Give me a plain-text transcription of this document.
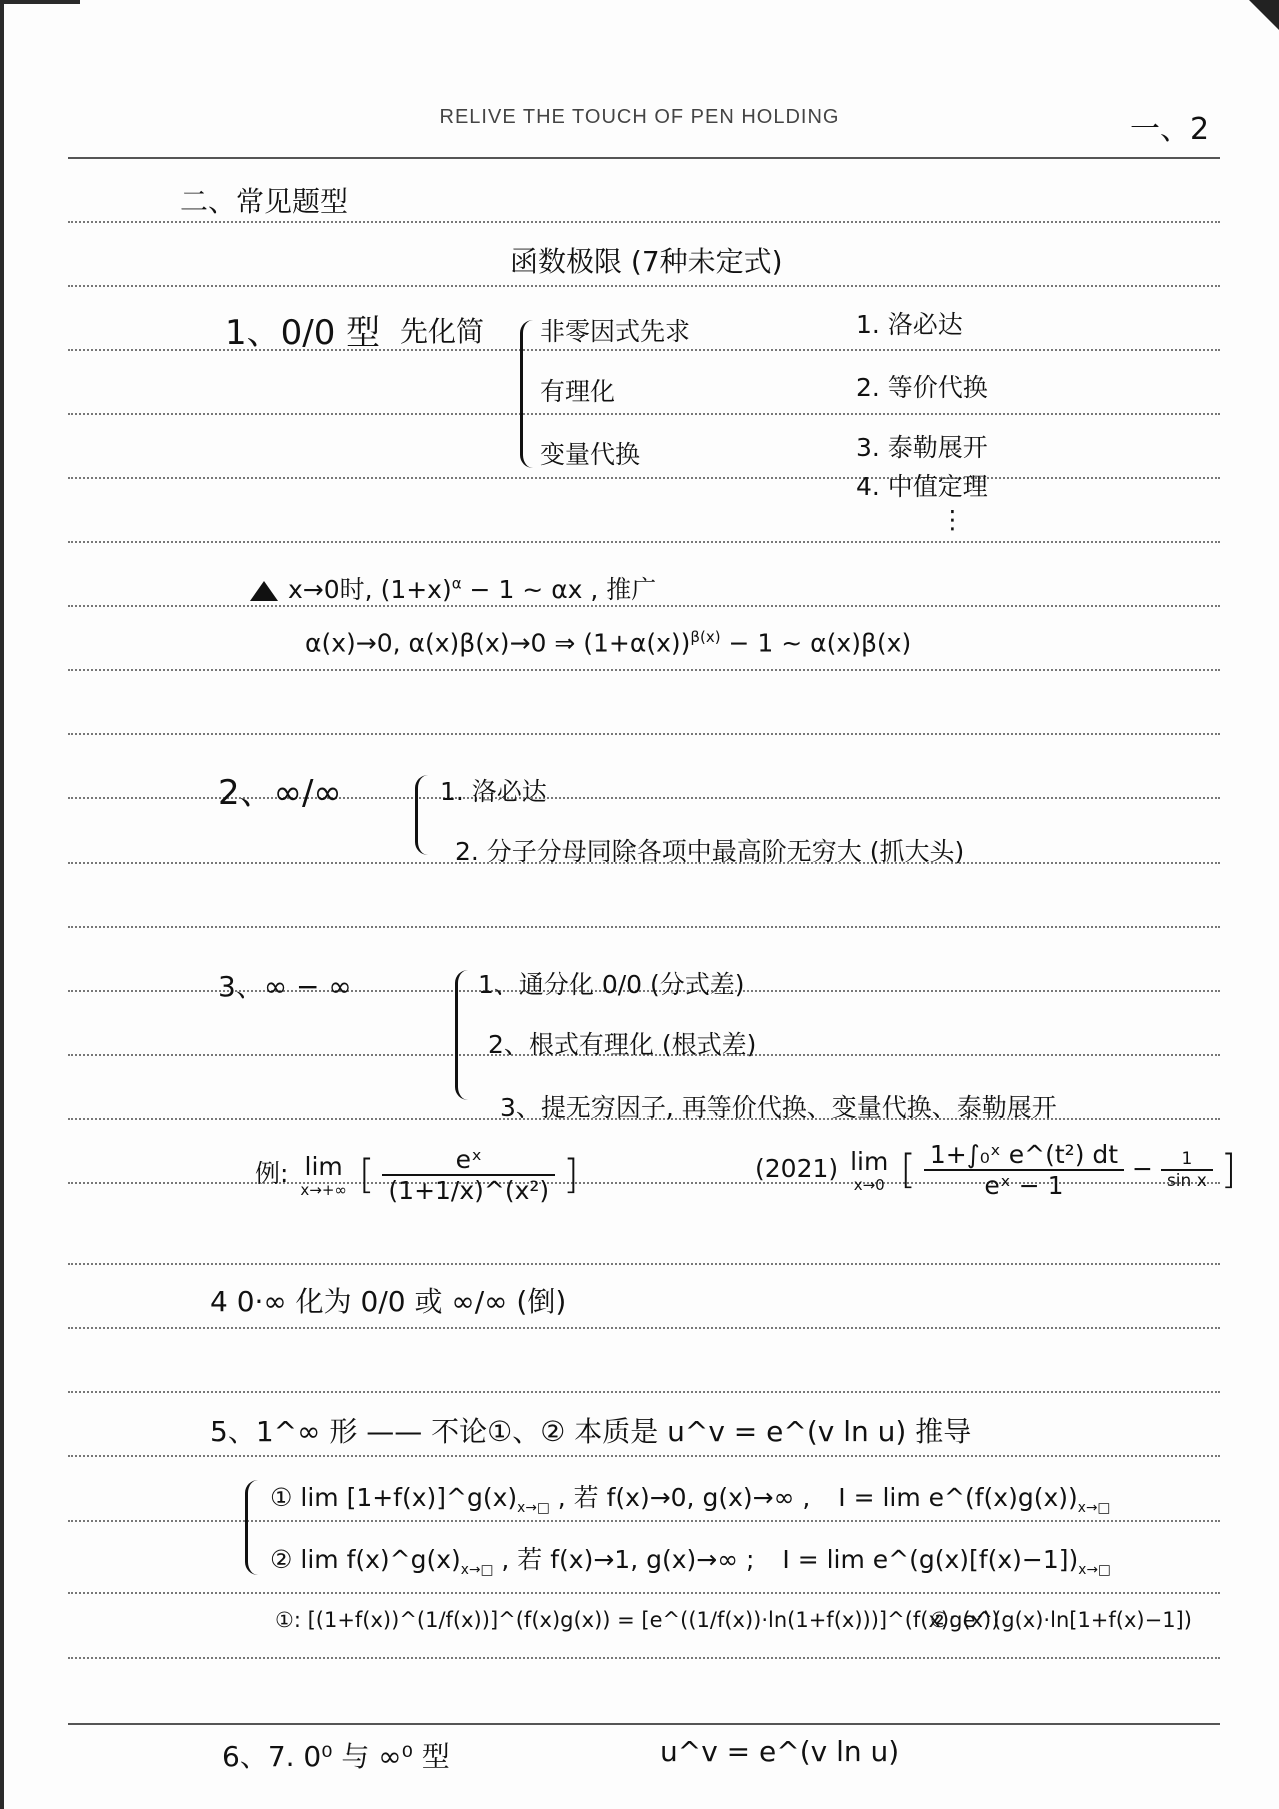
RELIVE THE TOUCH OF PEN HOLDING	一、2
二、常见题型
函数极限 (7种未定式)
1、0/0 型 先化简 非零因式先求
有理化
变量代换
1. 洛必达
2. 等价代换
3. 泰勒展开
4. 中值定理
⋮
x→0时, $(1+x)^\alpha - 1$ ~ αx , 推广
α(x)→0, α(x)β(x)→0 ⇒ $(1+\alpha(x))^{\beta(x)} - 1$ ~ α(x)β(x)
2、∞/∞	1. 洛必达
2. 分子分母同除各项中最高阶无穷大 (抓大头)
3、∞ − ∞	1、通分化 0/0 (分式差)
2、根式有理化 (根式差)
3、提无穷因子, 再等价代换、变量代换、泰勒展开
例: lim
x→+∞ [ $\frac{\text{eˣ}}{\text{(1+1/x)\textasciicircum{}(x²)}}$ ]	(2021) lim
x→0 [ $\frac{\text{1+∫₀ˣ e\textasciicircum{}(t²) dt}}{\text{eˣ − 1}} - \frac{1}{\text{sin x}}$ ]
4 0·∞ 化为 0/0 或 ∞/∞ (倒)
5、1^∞ 形 —— 不论①、② 本质是 u^v = e^(v ln u) 推导
① $\lim [1+f(x)]\^{}g(x)_{x\to□}$ , 若 f(x)→0, g(x)→∞ , $I = \lim e\^{}(f(x)g(x))_{x\to□}$
② $\lim f(x)\^{}g(x)_{x\to□}$ , 若 f(x)→1, g(x)→∞ ; $I = \lim e\^{}(g(x)[f(x)-1])_{x\to□}$
①: [(1+f(x))^(1/f(x))]^(f(x)g(x)) = [e^((1/f(x))·ln(1+f(x)))]^(f(x)g(x))
②: e^(g(x)·ln[1+f(x)−1])
6、7. 0⁰ 与 ∞⁰ 型	u^v = e^(v ln u)
